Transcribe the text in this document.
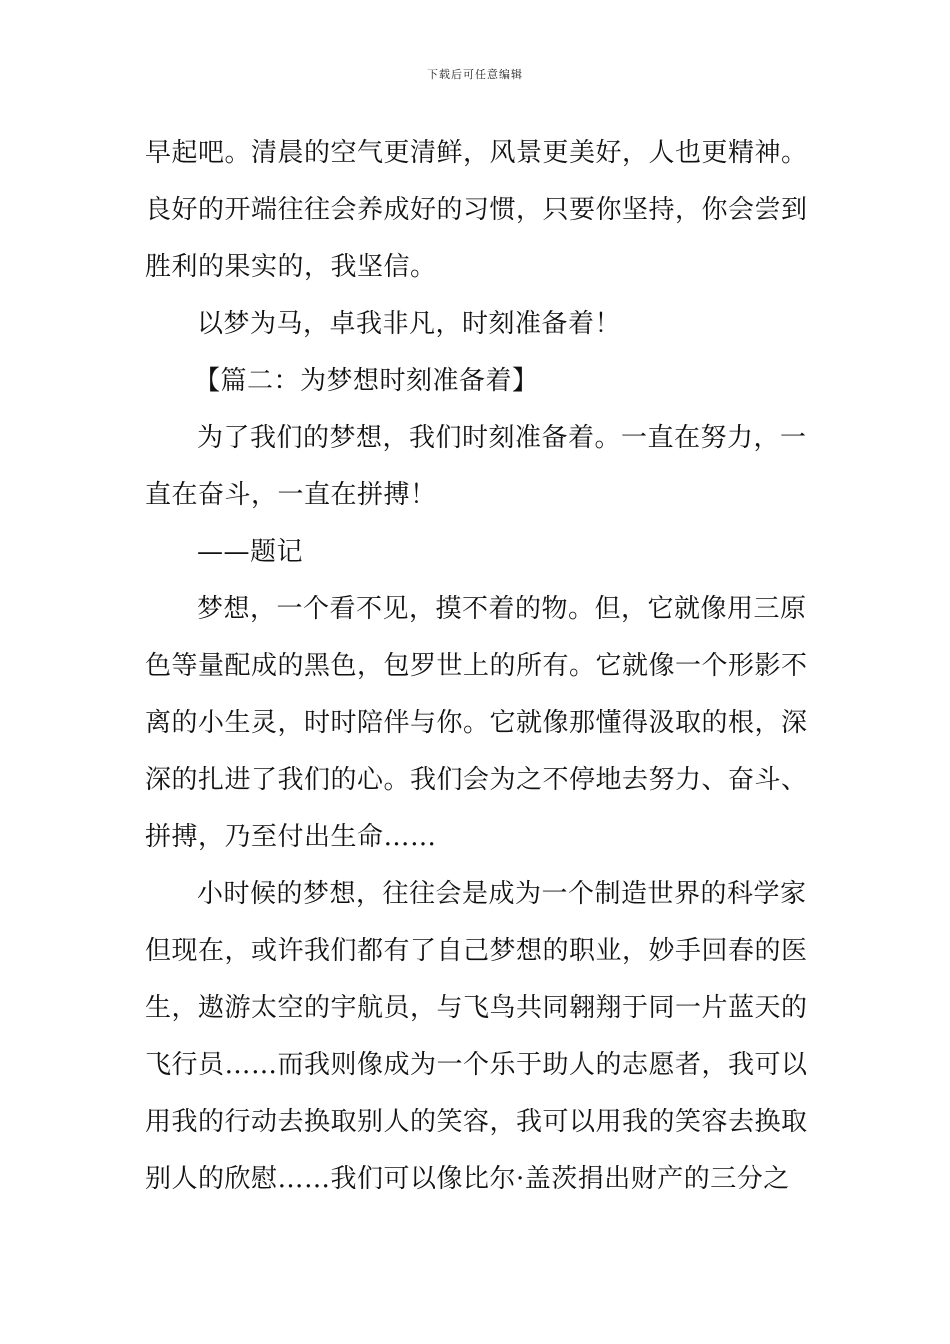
下载后可任意编辑
早起吧。清晨的空气更清鲜，风景更美好，人也更精神。
良好的开端往往会养成好的习惯，只要你坚持，你会尝到
胜利的果实的，我坚信。
以梦为马，卓我非凡，时刻准备着！
【篇二：为梦想时刻准备着】
为了我们的梦想，我们时刻准备着。一直在努力，一
直在奋斗，一直在拼搏！
——题记
梦想，一个看不见，摸不着的物。但，它就像用三原
色等量配成的黑色，包罗世上的所有。它就像一个形影不
离的小生灵，时时陪伴与你。它就像那懂得汲取的根，深
深的扎进了我们的心。我们会为之不停地去努力、奋斗、
拼搏，乃至付出生命……
小时候的梦想，往往会是成为一个制造世界的科学家
但现在，或许我们都有了自己梦想的职业，妙手回春的医
生，遨游太空的宇航员，与飞鸟共同翱翔于同一片蓝天的
飞行员……而我则像成为一个乐于助人的志愿者，我可以
用我的行动去换取别人的笑容，我可以用我的笑容去换取
别人的欣慰……我们可以像比尔·盖茨捐出财产的三分之
